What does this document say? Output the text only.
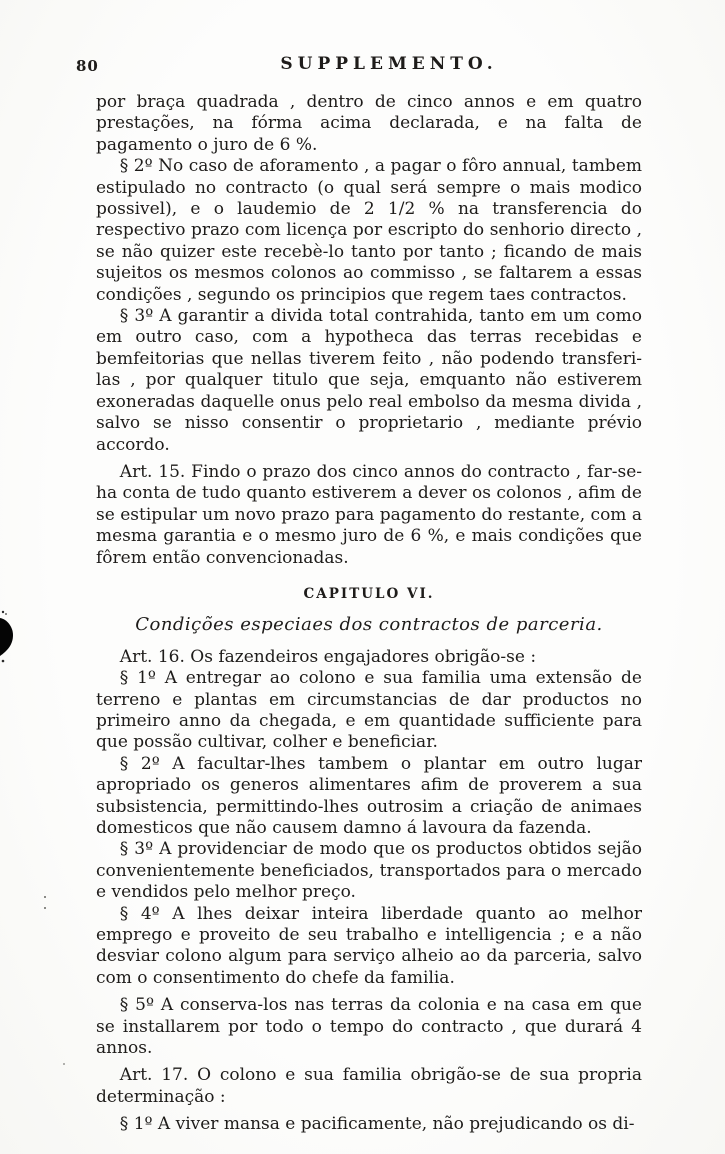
80	SUPPLEMENTO.

por braça quadrada , dentro de cinco annos e em quatro prestações, na fórma acima declarada, e na falta de pagamento o juro de 6 %.

§ 2º No caso de aforamento , a pagar o fôro annual, tambem estipulado no contracto (o qual será sempre o mais modico possivel), e o laudemio de 2 1/2 % na transferencia do respectivo prazo com licença por escripto do senhorio directo , se não quizer este recebè-lo tanto por tanto ; ficando de mais sujeitos os mesmos colonos ao commisso , se faltarem a essas condições , segundo os principios que regem taes contractos.

§ 3º A garantir a divida total contrahida, tanto em um como em outro caso, com a hypotheca das terras recebidas e bemfeitorias que nellas tiverem feito , não podendo transferi-las , por qualquer titulo que seja, emquanto não estiverem exoneradas daquelle onus pelo real embolso da mesma divida , salvo se nisso consentir o proprietario , mediante prévio accordo.

Art. 15. Findo o prazo dos cinco annos do contracto , far-se-ha conta de tudo quanto estiverem a dever os colonos , afim de se estipular um novo prazo para pagamento do restante, com a mesma garantia e o mesmo juro de 6 %, e mais condições que fôrem então convencionadas.

CAPITULO VI.
Condições especiaes dos contractos de parceria.

Art. 16. Os fazendeiros engajadores obrigão-se :

§ 1º A entregar ao colono e sua familia uma extensão de terreno e plantas em circumstancias de dar productos no primeiro anno da chegada, e em quantidade sufficiente para que possão cultivar, colher e beneficiar.

§ 2º A facultar-lhes tambem o plantar em outro lugar apropriado os generos alimentares afim de proverem a sua subsistencia, permittindo-lhes outrosim a criação de animaes domesticos que não causem damno á lavoura da fazenda.

§ 3º A providenciar de modo que os productos obtidos sejão convenientemente beneficiados, transportados para o mercado e vendidos pelo melhor preço.

§ 4º A lhes deixar inteira liberdade quanto ao melhor emprego e proveito de seu trabalho e intelligencia ; e a não desviar colono algum para serviço alheio ao da parceria, salvo com o consentimento do chefe da familia.

§ 5º A conserva-los nas terras da colonia e na casa em que se installarem por todo o tempo do contracto , que durará 4 annos.

Art. 17. O colono e sua familia obrigão-se de sua propria determinação :

§ 1º A viver mansa e pacificamente, não prejudicando os di-
